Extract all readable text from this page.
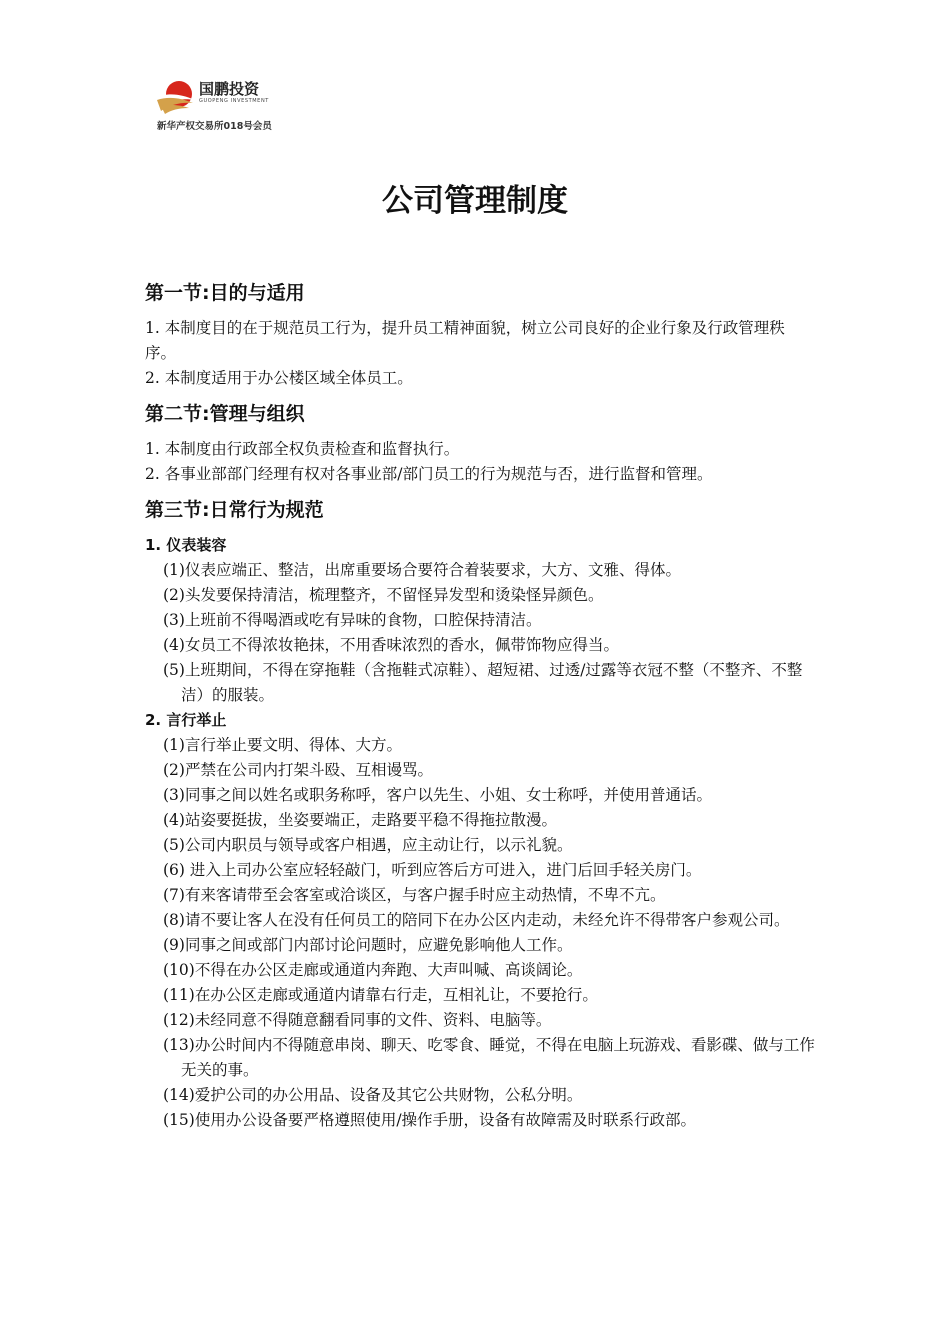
国鹏投资
GUOPENG INVESTMENT
新华产权交易所018号会员
公司管理制度
第一节:目的与适用
1. 本制度目的在于规范员工行为，提升员工精神面貌，树立公司良好的企业行象及行政管理秩序。
2. 本制度适用于办公楼区域全体员工。
第二节:管理与组织
1. 本制度由行政部全权负责检查和监督执行。
2. 各事业部部门经理有权对各事业部/部门员工的行为规范与否，进行监督和管理。
第三节:日常行为规范
1. 仪表装容
(1)仪表应端正、整洁，出席重要场合要符合着装要求，大方、文雅、得体。
(2)头发要保持清洁，梳理整齐，不留怪异发型和烫染怪异颜色。
(3)上班前不得喝酒或吃有异味的食物，口腔保持清洁。
(4)女员工不得浓妆艳抹，不用香味浓烈的香水，佩带饰物应得当。
(5)上班期间，不得在穿拖鞋（含拖鞋式凉鞋）、超短裙、过透/过露等衣冠不整（不整齐、不整洁）的服装。
2. 言行举止
(1)言行举止要文明、得体、大方。
(2)严禁在公司内打架斗殴、互相谩骂。
(3)同事之间以姓名或职务称呼，客户以先生、小姐、女士称呼，并使用普通话。
(4)站姿要挺拔，坐姿要端正，走路要平稳不得拖拉散漫。
(5)公司内职员与领导或客户相遇，应主动让行，以示礼貌。
(6) 进入上司办公室应轻轻敲门，听到应答后方可进入，进门后回手轻关房门。
(7)有来客请带至会客室或洽谈区，与客户握手时应主动热情，不卑不亢。
(8)请不要让客人在没有任何员工的陪同下在办公区内走动，未经允许不得带客户参观公司。
(9)同事之间或部门内部讨论问题时，应避免影响他人工作。
(10)不得在办公区走廊或通道内奔跑、大声叫喊、高谈阔论。
(11)在办公区走廊或通道内请靠右行走，互相礼让，不要抢行。
(12)未经同意不得随意翻看同事的文件、资料、电脑等。
(13)办公时间内不得随意串岗、聊天、吃零食、睡觉，不得在电脑上玩游戏、看影碟、做与工作无关的事。
(14)爱护公司的办公用品、设备及其它公共财物，公私分明。
(15)使用办公设备要严格遵照使用/操作手册，设备有故障需及时联系行政部。
